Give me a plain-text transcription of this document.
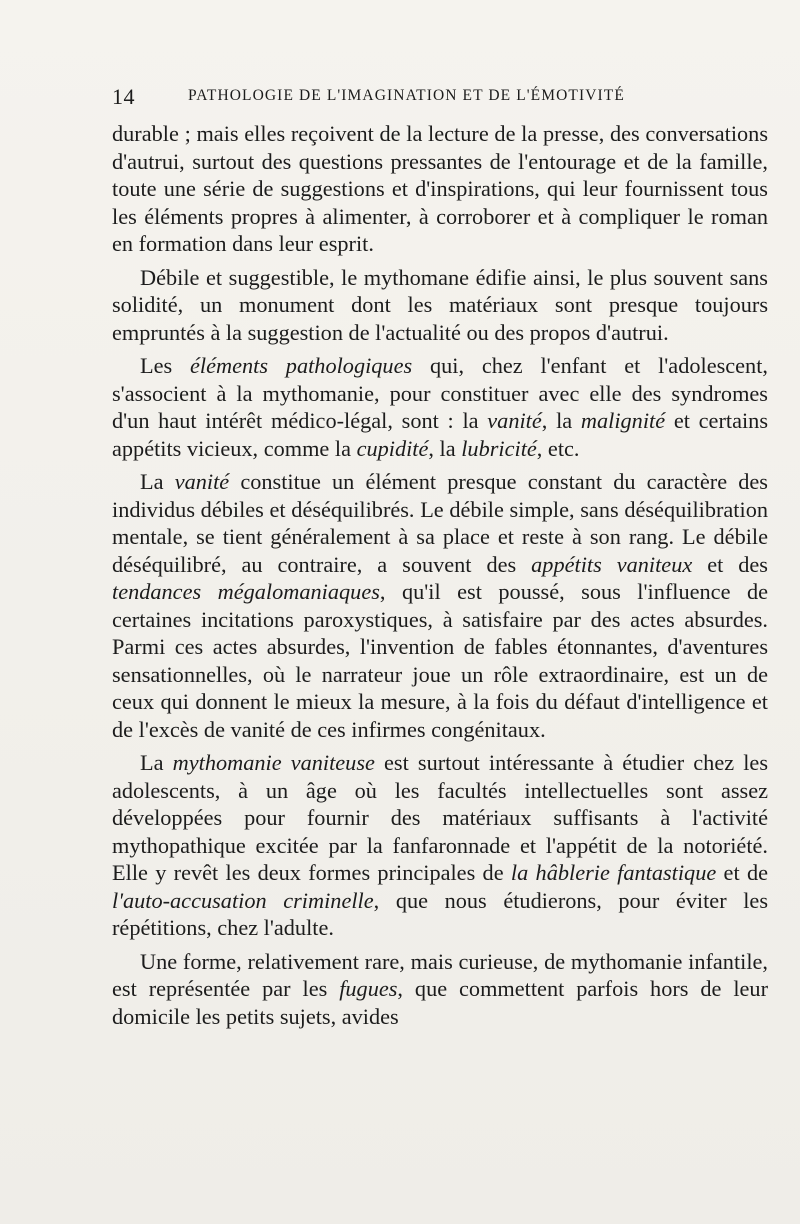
14	PATHOLOGIE DE L'IMAGINATION ET DE L'ÉMOTIVITÉ

durable ; mais elles reçoivent de la lecture de la presse, des conversations d'autrui, surtout des questions pressantes de l'entourage et de la famille, toute une série de suggestions et d'inspirations, qui leur fournissent tous les éléments propres à alimenter, à corroborer et à compliquer le roman en formation dans leur esprit.

Débile et suggestible, le mythomane édifie ainsi, le plus souvent sans solidité, un monument dont les matériaux sont presque toujours empruntés à la suggestion de l'actualité ou des propos d'autrui.

Les éléments pathologiques qui, chez l'enfant et l'adolescent, s'associent à la mythomanie, pour constituer avec elle des syndromes d'un haut intérêt médico-légal, sont : la vanité, la malignité et certains appétits vicieux, comme la cupidité, la lubricité, etc.

La vanité constitue un élément presque constant du caractère des individus débiles et déséquilibrés. Le débile simple, sans déséquilibration mentale, se tient généralement à sa place et reste à son rang. Le débile déséquilibré, au contraire, a souvent des appétits vaniteux et des tendances mégalomaniaques, qu'il est poussé, sous l'influence de certaines incitations paroxystiques, à satisfaire par des actes absurdes. Parmi ces actes absurdes, l'invention de fables étonnantes, d'aventures sensationnelles, où le narrateur joue un rôle extraordinaire, est un de ceux qui donnent le mieux la mesure, à la fois du défaut d'intelligence et de l'excès de vanité de ces infirmes congénitaux.

La mythomanie vaniteuse est surtout intéressante à étudier chez les adolescents, à un âge où les facultés intellectuelles sont assez développées pour fournir des matériaux suffisants à l'activité mythopathique excitée par la fanfaronnade et l'appétit de la notoriété. Elle y revêt les deux formes principales de la hâblerie fantastique et de l'auto-accusation criminelle, que nous étudierons, pour éviter les répétitions, chez l'adulte.

Une forme, relativement rare, mais curieuse, de mythomanie infantile, est représentée par les fugues, que commettent parfois hors de leur domicile les petits sujets, avides
